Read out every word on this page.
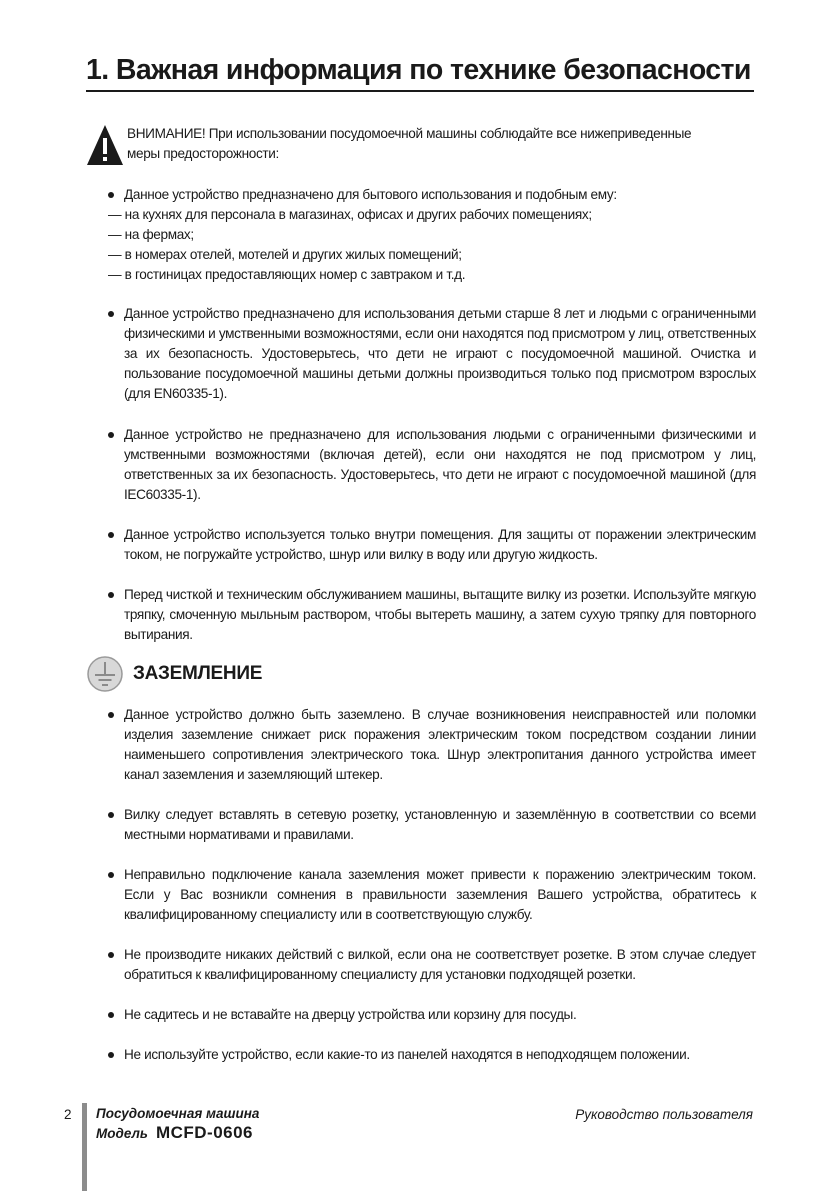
1. Важная информация по технике безопасности
ВНИМАНИЕ! При использовании посудомоечной машины соблюдайте все нижеприведенные
меры предосторожности:
Данное устройство предназначено для бытового использования и подобным ему:
— на кухнях для персонала в магазинах, офисах и других рабочих помещениях;
— на фермах;
— в номерах отелей, мотелей и других жилых помещений;
— в гостиницах предоставляющих номер с завтраком и т.д.
Данное устройство предназначено для использования детьми старше 8 лет и людьми с ограниченными физическими и умственными возможностями, если они находятся под присмотром у лиц, ответственных за их безопасность. Удостоверьтесь, что дети не играют с посудомоечной машиной. Очистка и пользование посудомоечной машины детьми должны производиться только под присмотром взрослых (для EN60335-1).
Данное устройство не предназначено для использования людьми с ограниченными физическими и умственными возможностями (включая детей), если они находятся не под присмотром у лиц, ответственных за их безопасность. Удостоверьтесь, что дети не играют с посудомоечной машиной (для IEC60335-1).
Данное устройство используется только внутри помещения. Для защиты от поражении электрическим током, не погружайте устройство, шнур или вилку в воду или другую жидкость.
Перед чисткой и техническим обслуживанием машины, вытащите вилку из розетки. Используйте мягкую тряпку, смоченную мыльным раствором, чтобы вытереть машину, а затем сухую тряпку для повторного вытирания.
ЗАЗЕМЛЕНИЕ
Данное устройство должно быть заземлено. В случае возникновения неисправностей или поломки изделия заземление снижает риск поражения электрическим током посредством создании линии наименьшего сопротивления электрического тока. Шнур электропитания данного устройства имеет канал заземления и заземляющий штекер.
Вилку следует вставлять в сетевую розетку, установленную и заземлённую в соответствии со всеми местными нормативами и правилами.
Неправильно подключение канала заземления может привести к поражению электрическим током. Если у Вас возникли сомнения в правильности заземления Вашего устройства, обратитесь к квалифицированному специалисту или в соответствующую службу.
Не производите никаких действий с вилкой, если она не соответствует розетке. В этом случае следует обратиться к квалифицированному специалисту для установки подходящей розетки.
Не садитесь и не вставайте на дверцу устройства или корзину для посуды.
Не используйте устройство, если какие-то из панелей находятся в неподходящем положении.
2 Посудомоечная машина
Модель MCFD-0606
Руководство пользователя
